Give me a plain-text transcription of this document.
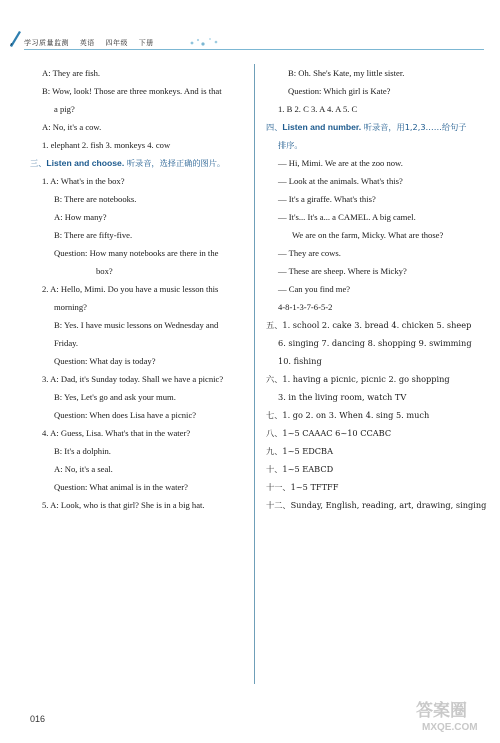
学习质量监测 英语 四年级 下册
A: They are fish.
B: Wow, look! Those are three monkeys. And is that
a pig?
A: No, it's a cow.
1. elephant 2. fish 3. monkeys 4. cow
三、Listen and choose. 听录音，选择正确的图片。
1. A: What's in the box?
B: There are notebooks.
A: How many?
B: There are fifty-five.
Question: How many notebooks are there in the
box?
2. A: Hello, Mimi. Do you have a music lesson this
morning?
B: Yes. I have music lessons on Wednesday and
Friday.
Question: What day is today?
3. A: Dad, it's Sunday today. Shall we have a picnic?
B: Yes, Let's go and ask your mum.
Question: When does Lisa have a picnic?
4. A: Guess, Lisa. What's that in the water?
B: It's a dolphin.
A: No, it's a seal.
Question: What animal is in the water?
5. A: Look, who is that girl? She is in a big hat.
B: Oh. She's Kate, my little sister.
Question: Which girl is Kate?
1. B 2. C 3. A 4. A 5. C
四、Listen and number. 听录音，用1,2,3……给句子
排序。
— Hi, Mimi. We are at the zoo now.
— Look at the animals. What's this?
— It's a giraffe. What's this?
— It's... It's a... a CAMEL. A big camel.
We are on the farm, Micky. What are those?
— They are cows.
— These are sheep. Where is Micky?
— Can you find me?
4-8-1-3-7-6-5-2
五、1. school 2. cake 3. bread 4. chicken 5. sheep
6. singing 7. dancing 8. shopping 9. swimming
10. fishing
六、1. having a picnic, picnic 2. go shopping
3. in the living room, watch TV
七、1. go 2. on 3. When 4. sing 5. much
八、1~5 CAAAC 6~10 CCABC
九、1~5 EDCBA
十、1~5 EABCD
十一、1~5 TFTFF
十二、Sunday, English, reading, art, drawing, singing
016	答案圈
MXQE.COM
